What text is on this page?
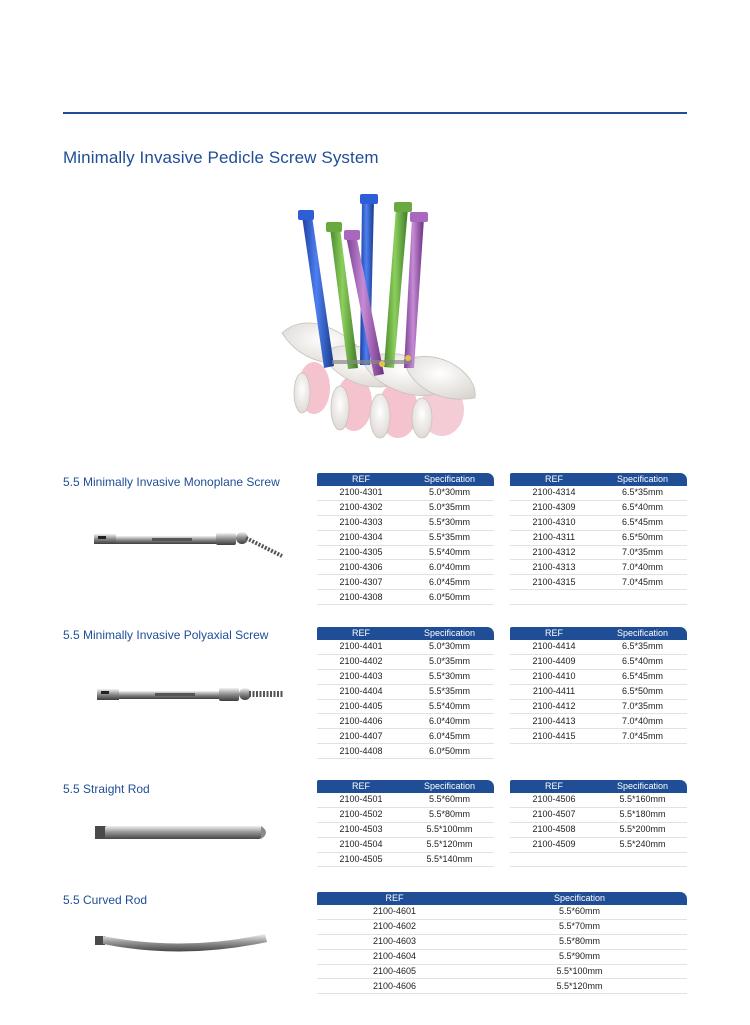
Minimally Invasive Pedicle Screw System
5.5 Minimally Invasive Monoplane Screw	REF	Specification
2100-4301	5.0*30mm
2100-4302	5.0*35mm
2100-4303	5.5*30mm
2100-4304	5.5*35mm
2100-4305	5.5*40mm
2100-4306	6.0*40mm
2100-4307	6.0*45mm
2100-4308	6.0*50mm
REF	Specification
2100-4314	6.5*35mm
2100-4309	6.5*40mm
2100-4310	6.5*45mm
2100-4311	6.5*50mm
2100-4312	7.0*35mm
2100-4313	7.0*40mm
2100-4315	7.0*45mm

5.5 Minimally Invasive Polyaxial Screw	REF	Specification
2100-4401	5.0*30mm
2100-4402	5.0*35mm
2100-4403	5.5*30mm
2100-4404	5.5*35mm
2100-4405	5.5*40mm
2100-4406	6.0*40mm
2100-4407	6.0*45mm
2100-4408	6.0*50mm
REF	Specification
2100-4414	6.5*35mm
2100-4409	6.5*40mm
2100-4410	6.5*45mm
2100-4411	6.5*50mm
2100-4412	7.0*35mm
2100-4413	7.0*40mm
2100-4415	7.0*45mm
5.5 Straight Rod	REF	Specification
2100-4501	5.5*60mm
2100-4502	5.5*80mm
2100-4503	5.5*100mm
2100-4504	5.5*120mm
2100-4505	5.5*140mm
REF	Specification
2100-4506	5.5*160mm
2100-4507	5.5*180mm
2100-4508	5.5*200mm
2100-4509	5.5*240mm

5.5 Curved Rod	REF	Specification
2100-4601	5.5*60mm
2100-4602	5.5*70mm
2100-4603	5.5*80mm
2100-4604	5.5*90mm
2100-4605	5.5*100mm
2100-4606	5.5*120mm
